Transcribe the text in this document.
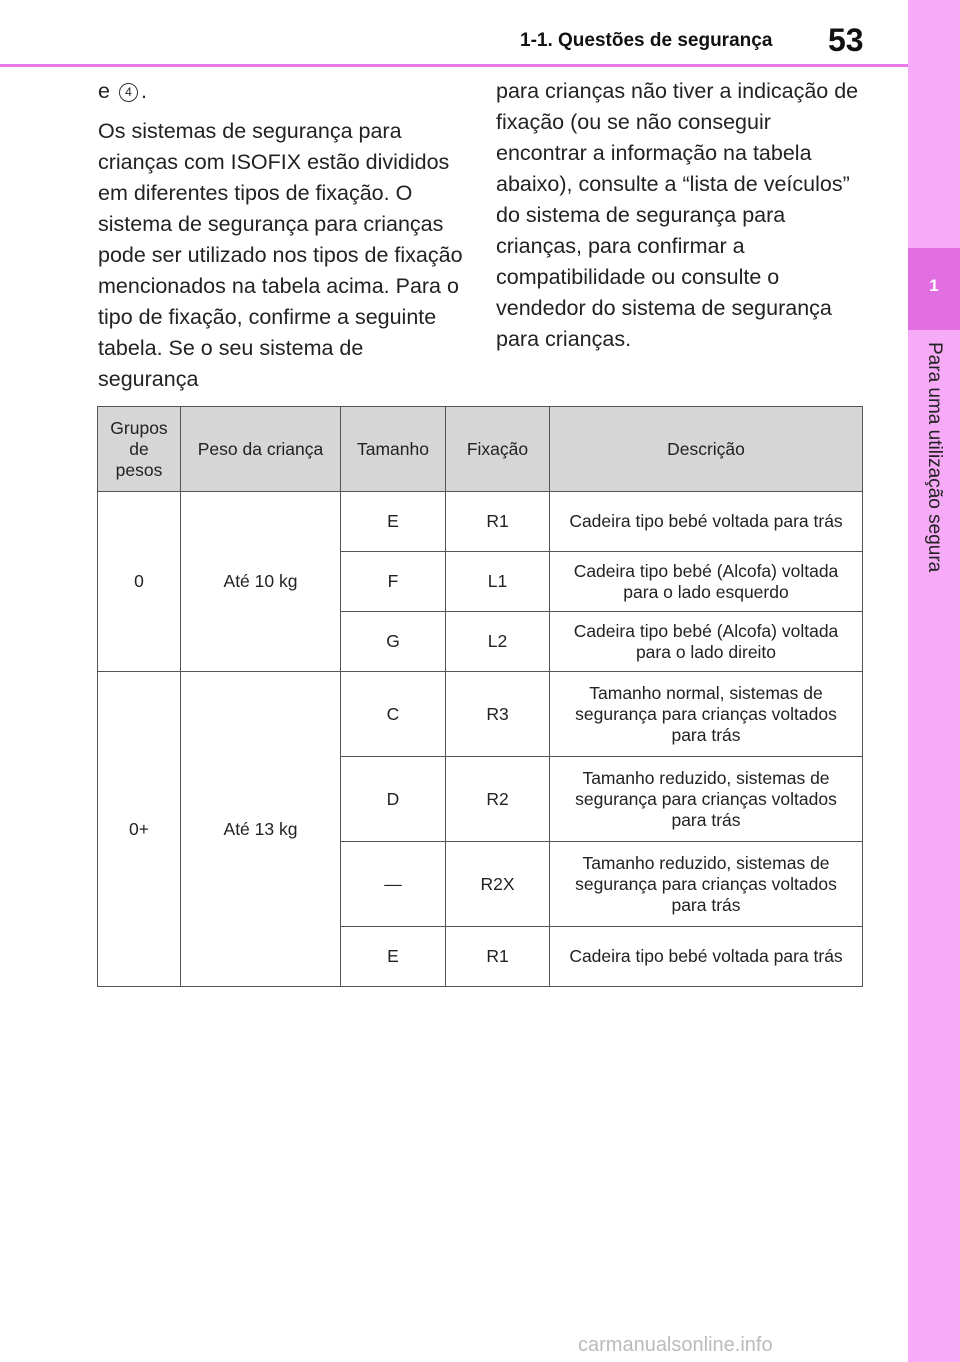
1-1. Questões de segurança 53
1
Para uma utilização segura

e 4 .

Os sistemas de segurança para crianças com ISOFIX estão divididos em diferentes tipos de fixação. O sistema de segurança para crianças pode ser utilizado nos tipos de fixação mencionados na tabela acima. Para o tipo de fixação, confirme a seguinte tabela. Se o seu sistema de segurança

para crianças não tiver a indicação de fixação (ou se não conseguir encontrar a informação na tabela abaixo), consulte a “lista de veículos” do sistema de segurança para crianças, para confirmar a compatibilidade ou consulte o vendedor do sistema de segurança para crianças.

Grupos de pesos	Peso da criança	Tamanho	Fixação	Descrição
0	Até 10 kg	E	R1	Cadeira tipo bebé voltada para trás
		F	L1	Cadeira tipo bebé (Alcofa) voltada para o lado esquerdo
		G	L2	Cadeira tipo bebé (Alcofa) voltada para o lado direito
0+	Até 13 kg	C	R3	Tamanho normal, sistemas de segurança para crianças voltados para trás
		D	R2	Tamanho reduzido, sistemas de segurança para crianças voltados para trás
		—	R2X	Tamanho reduzido, sistemas de segurança para crianças voltados para trás
		E	R1	Cadeira tipo bebé voltada para trás
carmanualsonline.info
